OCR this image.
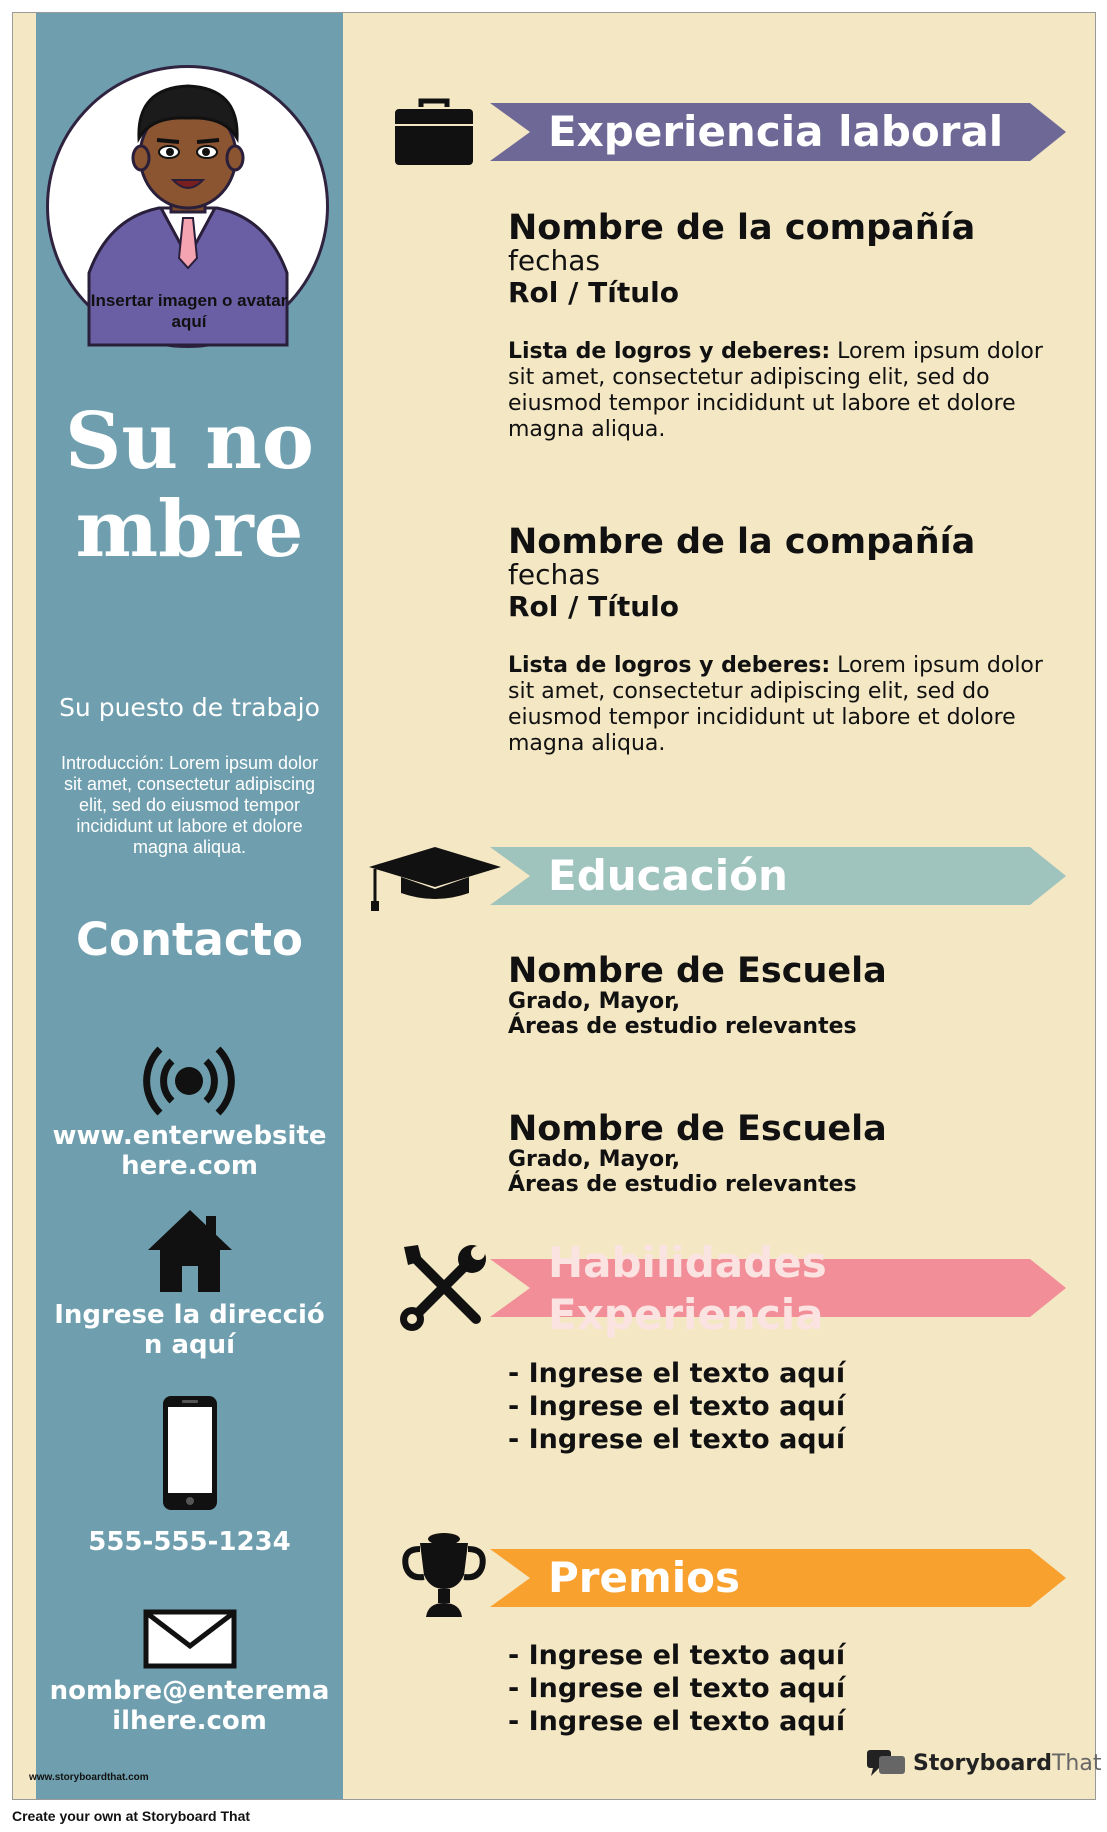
Insertar imagen o avatar aquí
Su nombre
Su puesto de trabajo
Introducción: Lorem ipsum dolor sit amet, consectetur adipiscing elit, sed do eiusmod tempor incididunt ut labore et dolore magna aliqua.
Contacto
www.enterwebsitehere.com
Ingrese la dirección aquí
555-555-1234
nombre@enteremailhere.com
www.storyboardthat.com
Experiencia laboral
Nombre de la compañía
fechas
Rol / Título
Lista de logros y deberes: Lorem ipsum dolor sit amet, consectetur adipiscing elit, sed do eiusmod tempor incididunt ut labore et dolore magna aliqua.
Nombre de la compañía
fechas
Rol / Título
Lista de logros y deberes: Lorem ipsum dolor sit amet, consectetur adipiscing elit, sed do eiusmod tempor incididunt ut labore et dolore magna aliqua.
Educación
Nombre de Escuela
Grado, Mayor,
Áreas de estudio relevantes
Nombre de Escuela
Grado, Mayor,
Áreas de estudio relevantes
Habilidades
Experiencia
- Ingrese el texto aquí
- Ingrese el texto aquí
- Ingrese el texto aquí
Premios
- Ingrese el texto aquí
- Ingrese el texto aquí
- Ingrese el texto aquí
StoryboardThat
Create your own at Storyboard That
